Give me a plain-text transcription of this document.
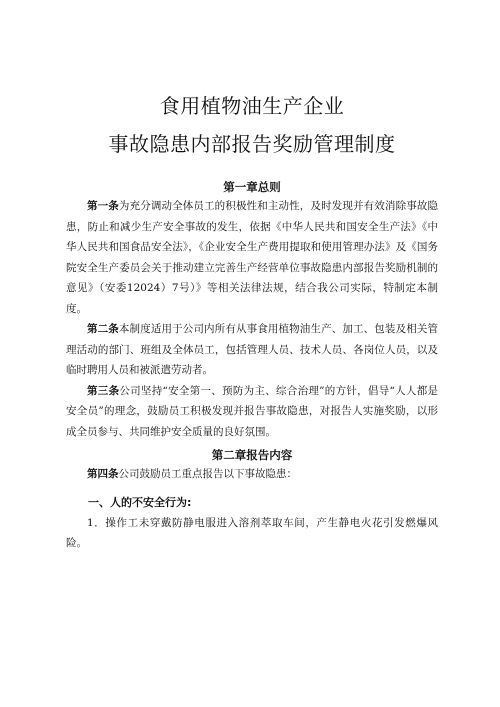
食用植物油生产企业
事故隐患内部报告奖励管理制度
第一章总则

第一条为充分调动全体员工的积极性和主动性，及时发现并有效消除事故隐患，防止和减少生产安全事故的发生，依据《中华人民共和国安全生产法》《中华人民共和国食品安全法》，《企业安全生产费用提取和使用管理办法》及《国务院安全生产委员会关于推动建立完善生产经营单位事故隐患内部报告奖励机制的意见》（安委12024）7号）》等相关法律法规，结合我公司实际，特制定本制度。

第二条本制度适用于公司内所有从事食用植物油生产、加工、包装及相关管理活动的部门、班组及全体员工，包括管理人员、技术人员、各岗位人员，以及临时聘用人员和被派遣劳动者。

第三条公司坚持“安全第一、预防为主、综合治理”的方针，倡导“人人都是安全员”的理念，鼓励员工积极发现并报告事故隐患，对报告人实施奖励，以形成全员参与、共同维护安全质量的良好氛围。

第二章报告内容

第四条公司鼓励员工重点报告以下事故隐患：

一、人的不安全行为:

1．操作工未穿戴防静电服进入溶剂萃取车间，产生静电火花引发燃爆风险。
